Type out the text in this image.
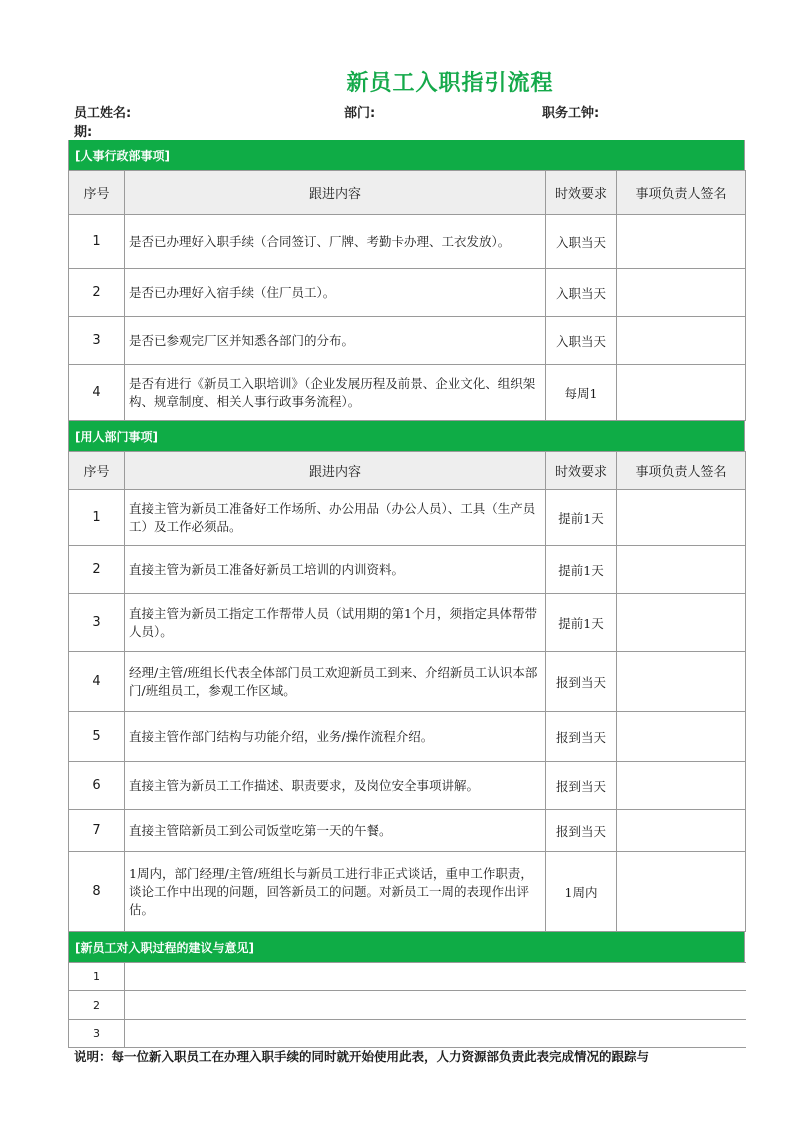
新员工入职指引流程
员工姓名:	部门:	职务工钟:
期:
[人事行政部事项]
序号	跟进内容	时效要求	事项负责人签名
1	是否已办理好入职手续（合同签订、厂牌、考勤卡办理、工衣发放）。	入职当天	
2	是否已办理好入宿手续（住厂员工）。	入职当天	
3	是否已参观完厂区并知悉各部门的分布。	入职当天	
4	是否有进行《新员工入职培训》（企业发展历程及前景、企业文化、组织架构、规章制度、相关人事行政事务流程）。	每周1	
[用人部门事项]
序号	跟进内容	时效要求	事项负责人签名
1	直接主管为新员工准备好工作场所、办公用品（办公人员）、工具（生产员工）及工作必须品。	提前1天	
2	直接主管为新员工准备好新员工培训的内训资料。	提前1天	
3	直接主管为新员工指定工作帮带人员（试用期的第1个月，须指定具体帮带人员）。	提前1天	
4	经理/主管/班组长代表全体部门员工欢迎新员工到来、介绍新员工认识本部门/班组员工，参观工作区域。	报到当天	
5	直接主管作部门结构与功能介绍，业务/操作流程介绍。	报到当天	
6	直接主管为新员工工作描述、职责要求，及岗位安全事项讲解。	报到当天	
7	直接主管陪新员工到公司饭堂吃第一天的午餐。	报到当天	
8	1周内，部门经理/主管/班组长与新员工进行非正式谈话，重申工作职责，谈论工作中出现的问题，回答新员工的问题。对新员工一周的表现作出评估。	1周内	
[新员工对入职过程的建议与意见]
1	
2	
3	
说明：每一位新入职员工在办理入职手续的同时就开始使用此表，人力资源部负责此表完成情况的跟踪与
